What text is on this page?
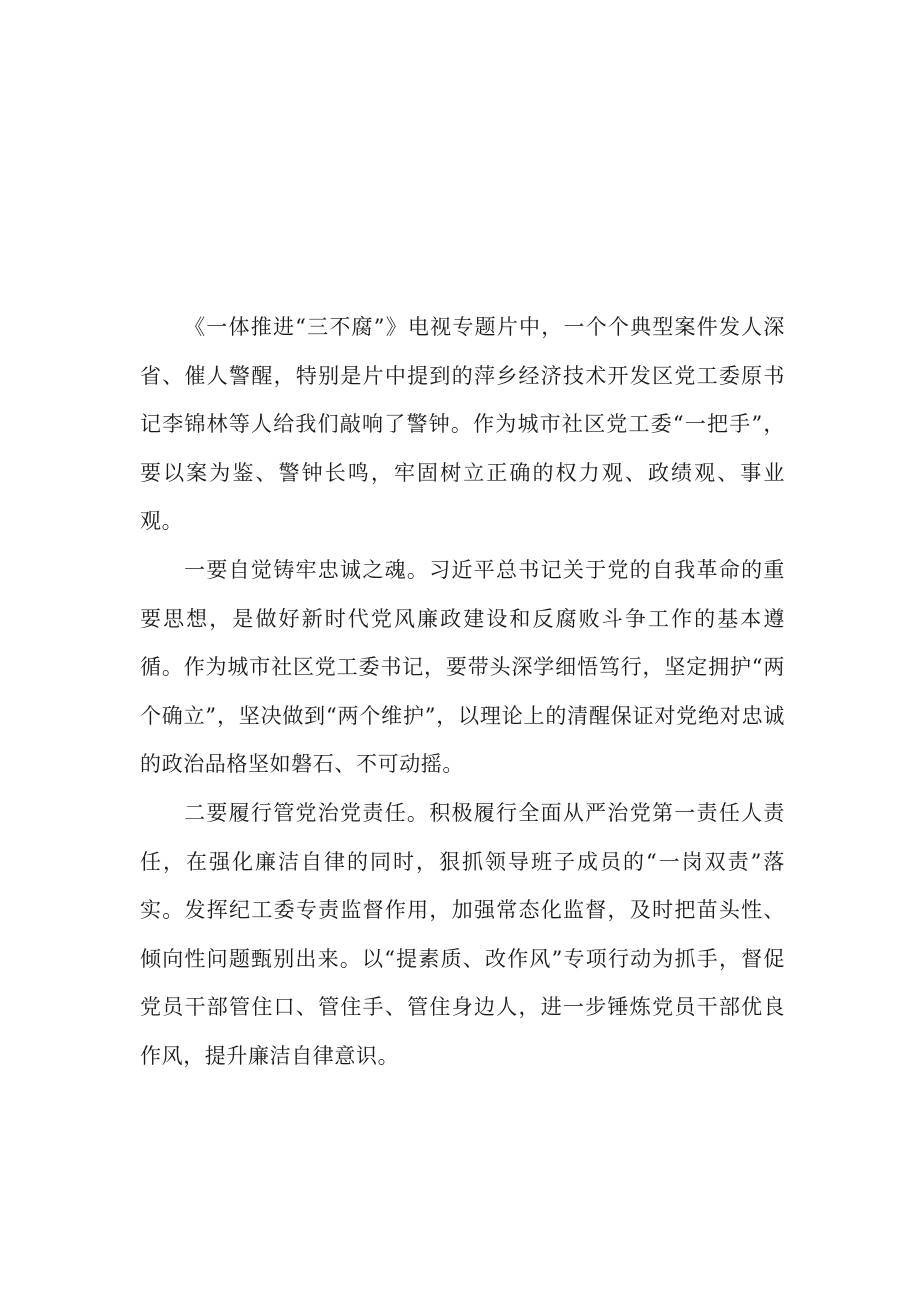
《一体推进“三不腐”》电视专题片中，一个个典型案件发人深省、催人警醒，特别是片中提到的萍乡经济技术开发区党工委原书记李锦林等人给我们敲响了警钟。作为城市社区党工委“一把手”，要以案为鉴、警钟长鸣，牢固树立正确的权力观、政绩观、事业观。

一要自觉铸牢忠诚之魂。习近平总书记关于党的自我革命的重要思想，是做好新时代党风廉政建设和反腐败斗争工作的基本遵循。作为城市社区党工委书记，要带头深学细悟笃行，坚定拥护“两个确立”，坚决做到“两个维护”，以理论上的清醒保证对党绝对忠诚的政治品格坚如磐石、不可动摇。

二要履行管党治党责任。积极履行全面从严治党第一责任人责任，在强化廉洁自律的同时，狠抓领导班子成员的“一岗双责”落实。发挥纪工委专责监督作用，加强常态化监督，及时把苗头性、倾向性问题甄别出来。以“提素质、改作风”专项行动为抓手，督促党员干部管住口、管住手、管住身边人，进一步锤炼党员干部优良作风，提升廉洁自律意识。
